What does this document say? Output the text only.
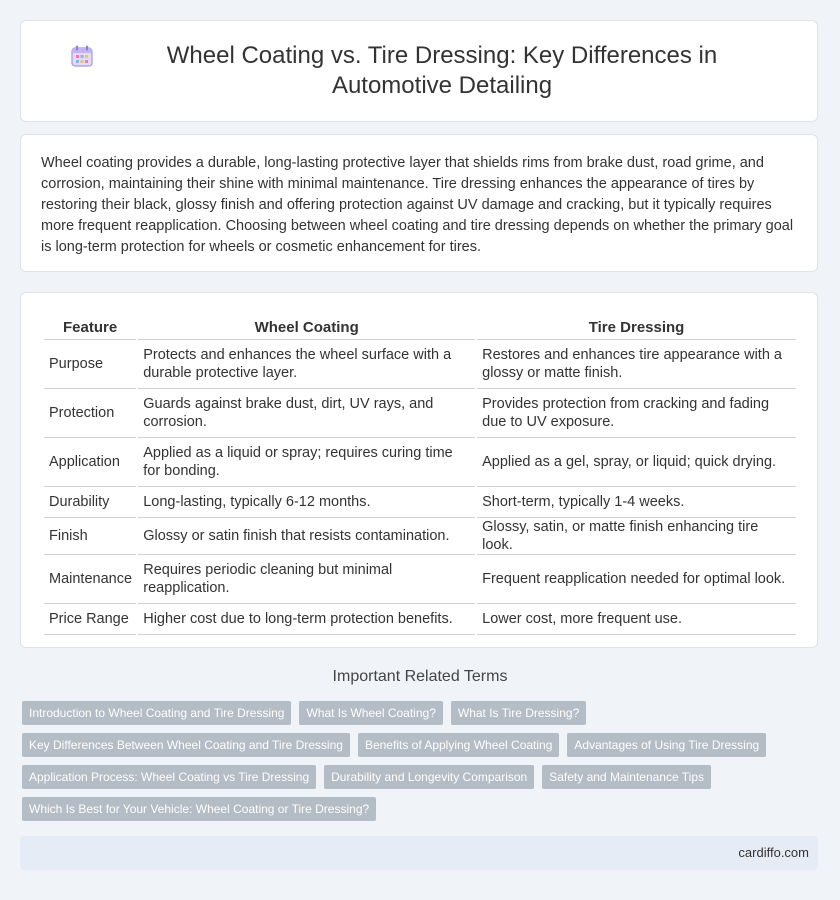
Wheel Coating vs. Tire Dressing: Key Differences in Automotive Detailing

Wheel coating provides a durable, long-lasting protective layer that shields rims from brake dust, road grime, and corrosion, maintaining their shine with minimal maintenance. Tire dressing enhances the appearance of tires by restoring their black, glossy finish and offering protection against UV damage and cracking, but it typically requires more frequent reapplication. Choosing between wheel coating and tire dressing depends on whether the primary goal is long-term protection for wheels or cosmetic enhancement for tires.

Feature	Wheel Coating	Tire Dressing
Purpose	Protects and enhances the wheel surface with a durable protective layer.	Restores and enhances tire appearance with a glossy or matte finish.
Protection	Guards against brake dust, dirt, UV rays, and corrosion.	Provides protection from cracking and fading due to UV exposure.
Application	Applied as a liquid or spray; requires curing time for bonding.	Applied as a gel, spray, or liquid; quick drying.
Durability	Long-lasting, typically 6-12 months.	Short-term, typically 1-4 weeks.
Finish	Glossy or satin finish that resists contamination.	Glossy, satin, or matte finish enhancing tire look.
Maintenance	Requires periodic cleaning but minimal reapplication.	Frequent reapplication needed for optimal look.
Price Range	Higher cost due to long-term protection benefits.	Lower cost, more frequent use.
Important Related Terms
Introduction to Wheel Coating and Tire Dressing	What Is Wheel Coating?	What Is Tire Dressing?
Key Differences Between Wheel Coating and Tire Dressing	Benefits of Applying Wheel Coating	Advantages of Using Tire Dressing
Application Process: Wheel Coating vs Tire Dressing	Durability and Longevity Comparison	Safety and Maintenance Tips
Which Is Best for Your Vehicle: Wheel Coating or Tire Dressing?
cardiffo.com
